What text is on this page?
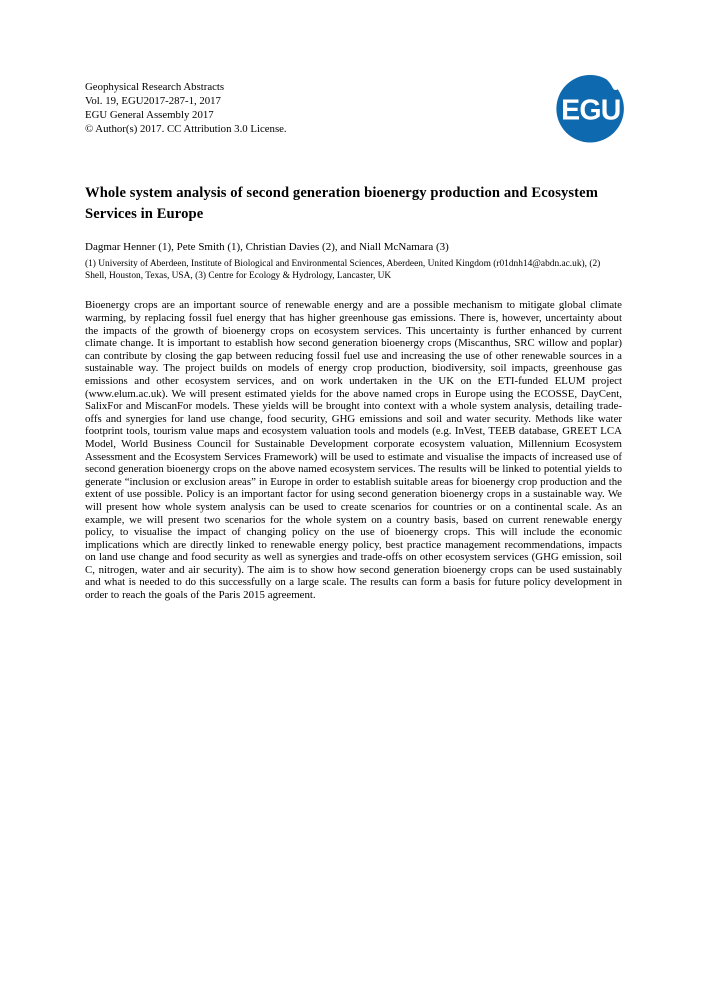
Geophysical Research Abstracts
Vol. 19, EGU2017-287-1, 2017
EGU General Assembly 2017
© Author(s) 2017. CC Attribution 3.0 License.
EGU
Whole system analysis of second generation bioenergy production and Ecosystem Services in Europe
Dagmar Henner (1), Pete Smith (1), Christian Davies (2), and Niall McNamara (3)
(1) University of Aberdeen, Institute of Biological and Environmental Sciences, Aberdeen, United Kingdom (r01dnh14@abdn.ac.uk), (2) Shell, Houston, Texas, USA, (3) Centre for Ecology & Hydrology, Lancaster, UK
Bioenergy crops are an important source of renewable energy and are a possible mechanism to mitigate global climate warming, by replacing fossil fuel energy that has higher greenhouse gas emissions. There is, however, uncertainty about the impacts of the growth of bioenergy crops on ecosystem services. This uncertainty is further enhanced by current climate change. It is important to establish how second generation bioenergy crops (Miscanthus, SRC willow and poplar) can contribute by closing the gap between reducing fossil fuel use and increasing the use of other renewable sources in a sustainable way. The project builds on models of energy crop production, biodiversity, soil impacts, greenhouse gas emissions and other ecosystem services, and on work undertaken in the UK on the ETI-funded ELUM project (www.elum.ac.uk). We will present estimated yields for the above named crops in Europe using the ECOSSE, DayCent, SalixFor and MiscanFor models. These yields will be brought into context with a whole system analysis, detailing trade-offs and synergies for land use change, food security, GHG emissions and soil and water security. Methods like water footprint tools, tourism value maps and ecosystem valuation tools and models (e.g. InVest, TEEB database, GREET LCA Model, World Business Council for Sustainable Development corporate ecosystem valuation, Millennium Ecosystem Assessment and the Ecosystem Services Framework) will be used to estimate and visualise the impacts of increased use of second generation bioenergy crops on the above named ecosystem services. The results will be linked to potential yields to generate “inclusion or exclusion areas” in Europe in order to establish suitable areas for bioenergy crop production and the extent of use possible. Policy is an important factor for using second generation bioenergy crops in a sustainable way. We will present how whole system analysis can be used to create scenarios for countries or on a continental scale. As an example, we will present two scenarios for the whole system on a country basis, based on current renewable energy policy, to visualise the impact of changing policy on the use of bioenergy crops. This will include the economic implications which are directly linked to renewable energy policy, best practice management recommendations, impacts on land use change and food security as well as synergies and trade-offs on other ecosystem services (GHG emission, soil C, nitrogen, water and air security). The aim is to show how second generation bioenergy crops can be used sustainably and what is needed to do this successfully on a large scale. The results can form a basis for future policy development in order to reach the goals of the Paris 2015 agreement.
